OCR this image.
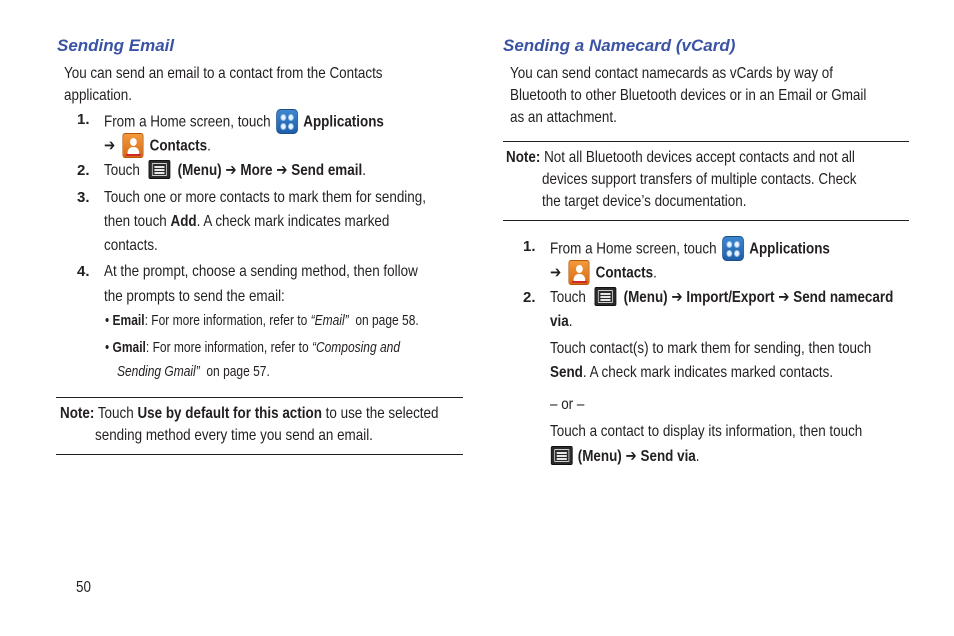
Sending Email
You can send an email to a contact from the Contacts
application.
1. From a Home screen, touch Applications
➔ Contacts.
2. Touch (Menu) ➔ More ➔ Send email.
3. Touch one or more contacts to mark them for sending,
then touch Add. A check mark indicates marked
contacts.
4. At the prompt, choose a sending method, then follow
the prompts to send the email:
• Email: For more information, refer to “Email” on page 58.
• Gmail: For more information, refer to “Composing and
Sending Gmail” on page 57.
Note: Touch Use by default for this action to use the selected
sending method every time you send an email.
Sending a Namecard (vCard)
You can send contact namecards as vCards by way of
Bluetooth to other Bluetooth devices or in an Email or Gmail
as an attachment.
Note: Not all Bluetooth devices accept contacts and not all
devices support transfers of multiple contacts. Check
the target device’s documentation.
1. From a Home screen, touch Applications
➔ Contacts.
2. Touch (Menu) ➔ Import/Export ➔ Send namecard
via.
Touch contact(s) to mark them for sending, then touch
Send. A check mark indicates marked contacts.
– or –
Touch a contact to display its information, then touch
(Menu) ➔ Send via.
50
